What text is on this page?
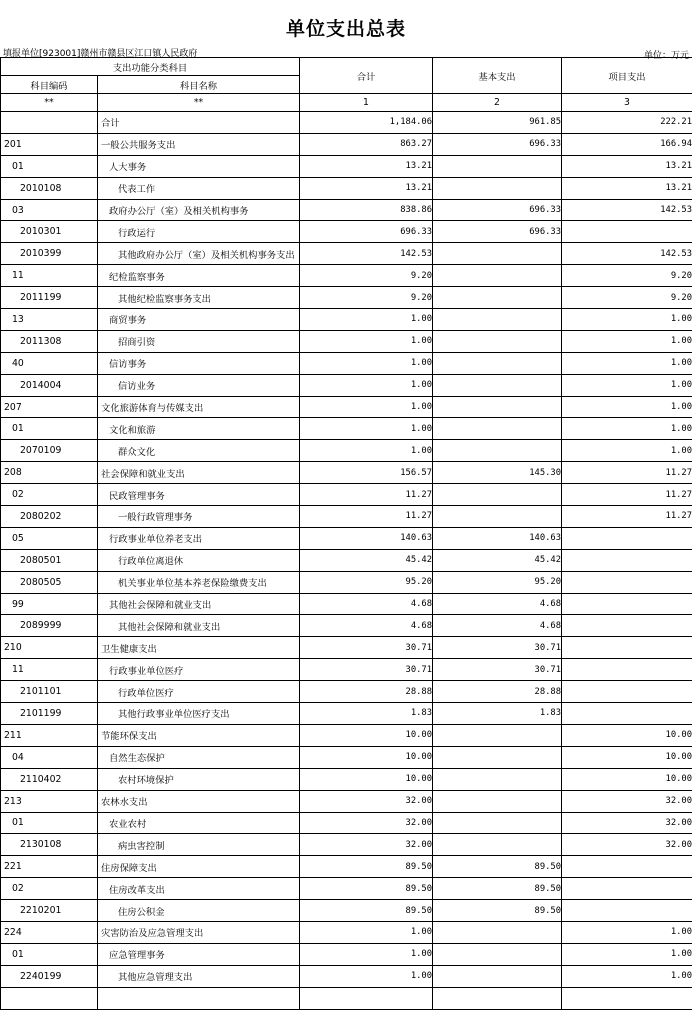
单位支出总表
填报单位[923001]赣州市赣县区江口镇人民政府	单位：万元
支出功能分类科目		合计	基本支出	项目支出
科目编码	科目名称			
**	**	1	2	3
	合计	1,184.06	961.85	222.21
201	一般公共服务支出	863.27	696.33	166.94
01	人大事务	13.21		13.21
2010108	代表工作	13.21		13.21
03	政府办公厅（室）及相关机构事务	838.86	696.33	142.53
2010301	行政运行	696.33	696.33	
2010399	其他政府办公厅（室）及相关机构事务支出	142.53		142.53
11	纪检监察事务	9.20		9.20
2011199	其他纪检监察事务支出	9.20		9.20
13	商贸事务	1.00		1.00
2011308	招商引资	1.00		1.00
40	信访事务	1.00		1.00
2014004	信访业务	1.00		1.00
207	文化旅游体育与传媒支出	1.00		1.00
01	文化和旅游	1.00		1.00
2070109	群众文化	1.00		1.00
208	社会保障和就业支出	156.57	145.30	11.27
02	民政管理事务	11.27		11.27
2080202	一般行政管理事务	11.27		11.27
05	行政事业单位养老支出	140.63	140.63	
2080501	行政单位离退休	45.42	45.42	
2080505	机关事业单位基本养老保险缴费支出	95.20	95.20	
99	其他社会保障和就业支出	4.68	4.68	
2089999	其他社会保障和就业支出	4.68	4.68	
210	卫生健康支出	30.71	30.71	
11	行政事业单位医疗	30.71	30.71	
2101101	行政单位医疗	28.88	28.88	
2101199	其他行政事业单位医疗支出	1.83	1.83	
211	节能环保支出	10.00		10.00
04	自然生态保护	10.00		10.00
2110402	农村环境保护	10.00		10.00
213	农林水支出	32.00		32.00
01	农业农村	32.00		32.00
2130108	病虫害控制	32.00		32.00
221	住房保障支出	89.50	89.50	
02	住房改革支出	89.50	89.50	
2210201	住房公积金	89.50	89.50	
224	灾害防治及应急管理支出	1.00		1.00
01	应急管理事务	1.00		1.00
2240199	其他应急管理支出	1.00		1.00
